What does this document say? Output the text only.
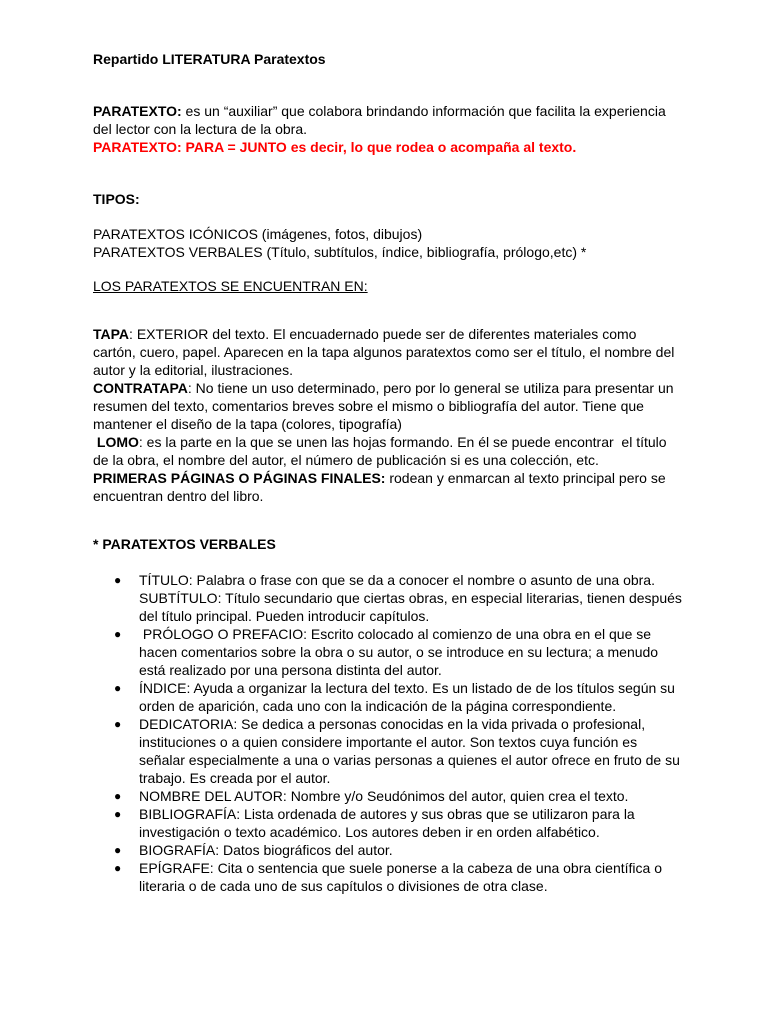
Repartido LITERATURA Paratextos

PARATEXTO: es un “auxiliar” que colabora brindando información que facilita la experiencia del lector con la lectura de la obra.

PARATEXTO: PARA = JUNTO es decir, lo que rodea o acompaña al texto.

TIPOS:

PARATEXTOS ICÓNICOS (imágenes, fotos, dibujos)

PARATEXTOS VERBALES (Título, subtítulos, índice, bibliografía, prólogo,etc) *

LOS PARATEXTOS SE ENCUENTRAN EN:

TAPA: EXTERIOR del texto. El encuadernado puede ser de diferentes materiales como cartón, cuero, papel. Aparecen en la tapa algunos paratextos como ser el título, el nombre del autor y la editorial, ilustraciones.

CONTRATAPA: No tiene un uso determinado, pero por lo general se utiliza para presentar un resumen del texto, comentarios breves sobre el mismo o bibliografía del autor. Tiene que mantener el diseño de la tapa (colores, tipografía)

LOMO: es la parte en la que se unen las hojas formando. En él se puede encontrar  el título de la obra, el nombre del autor, el número de publicación si es una colección, etc.

PRIMERAS PÁGINAS O PÁGINAS FINALES: rodean y enmarcan al texto principal pero se encuentran dentro del libro.

* PARATEXTOS VERBALES

● TÍTULO: Palabra o frase con que se da a conocer el nombre o asunto de una obra. SUBTÍTULO: Título secundario que ciertas obras, en especial literarias, tienen después del título principal. Pueden introducir capítulos.
● PRÓLOGO O PREFACIO: Escrito colocado al comienzo de una obra en el que se hacen comentarios sobre la obra o su autor, o se introduce en su lectura; a menudo está realizado por una persona distinta del autor.
● ÍNDICE: Ayuda a organizar la lectura del texto. Es un listado de de los títulos según su orden de aparición, cada uno con la indicación de la página correspondiente.
● DEDICATORIA: Se dedica a personas conocidas en la vida privada o profesional, instituciones o a quien considere importante el autor. Son textos cuya función es señalar especialmente a una o varias personas a quienes el autor ofrece en fruto de su trabajo. Es creada por el autor.
● NOMBRE DEL AUTOR: Nombre y/o Seudónimos del autor, quien crea el texto.
● BIBLIOGRAFÍA: Lista ordenada de autores y sus obras que se utilizaron para la investigación o texto académico. Los autores deben ir en orden alfabético.
● BIOGRAFÍA: Datos biográficos del autor.
● EPÍGRAFE: Cita o sentencia que suele ponerse a la cabeza de una obra científica o literaria o de cada uno de sus capítulos o divisiones de otra clase.
